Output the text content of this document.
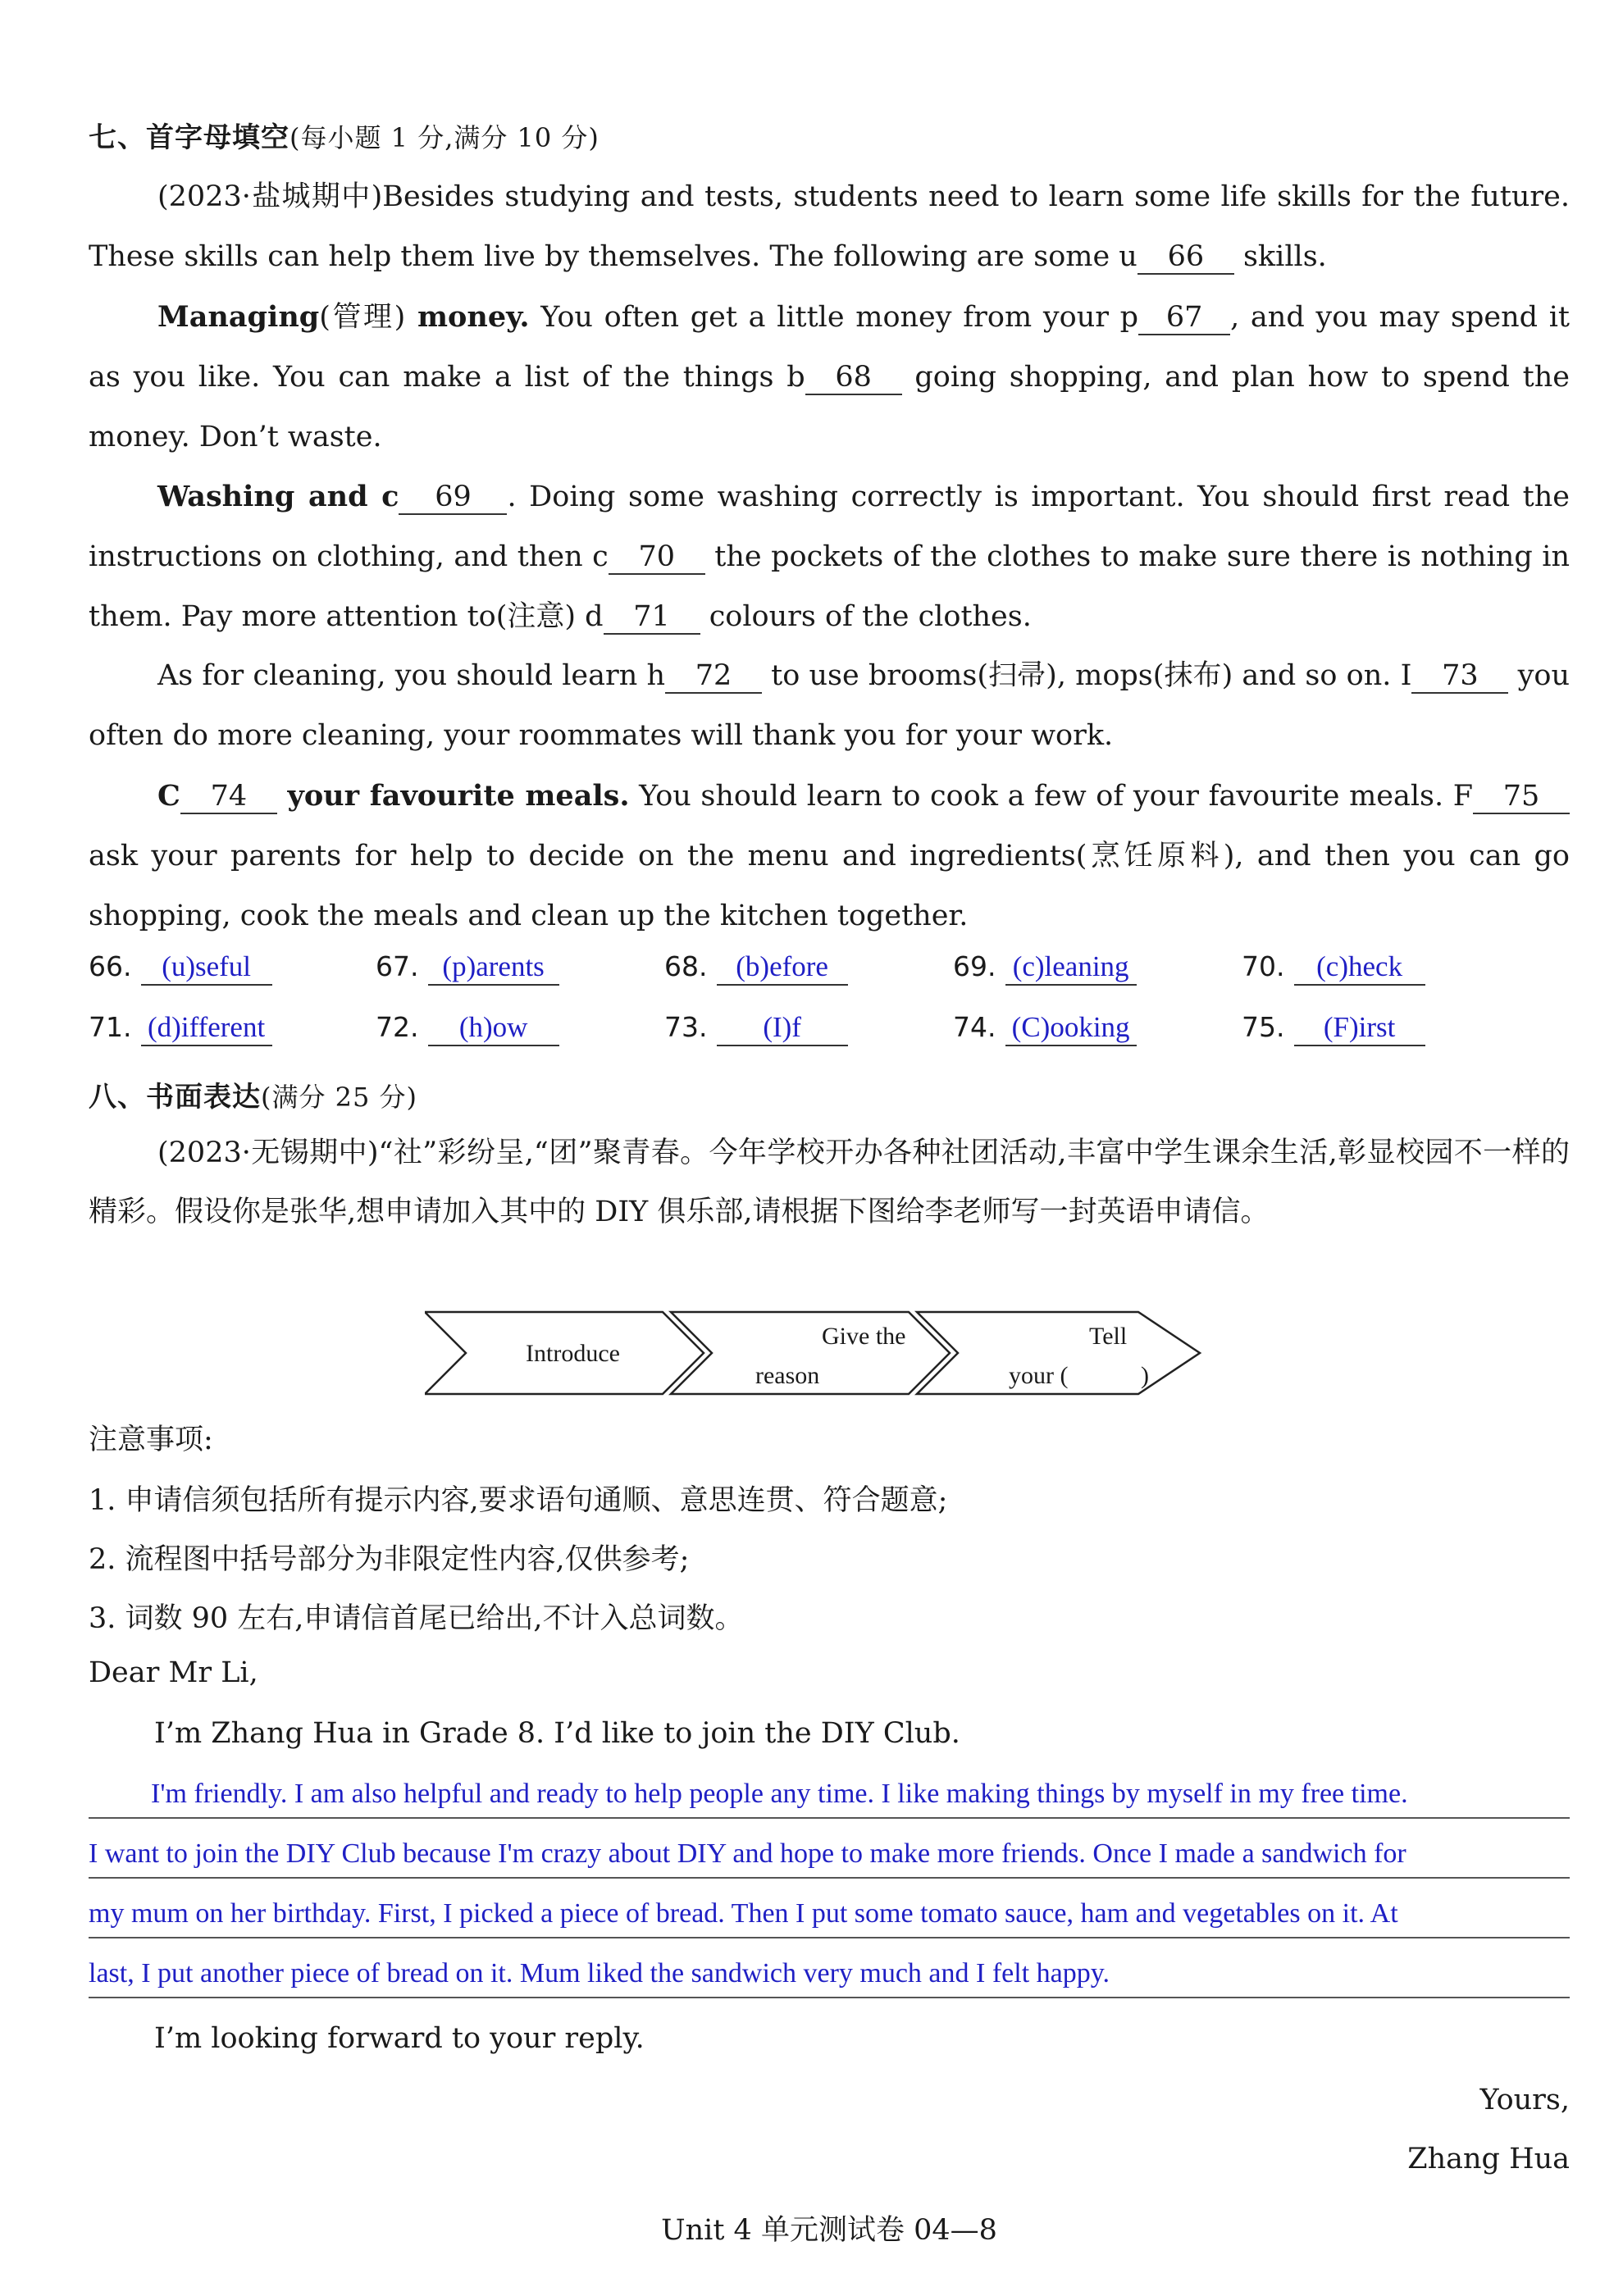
七、首字母填空(每小题 1 分,满分 10 分)
(2023·盐城期中)Besides studying and tests, students need to learn some life skills for the future. These skills can help them live by themselves. The following are some u 66 skills.
Managing(管理) money. You often get a little money from your p 67 , and you may spend it as you like. You can make a list of the things b 68 going shopping, and plan how to spend the money. Don’t waste.
Washing and c 69 . Doing some washing correctly is important. You should first read the instructions on clothing, and then c 70 the pockets of the clothes to make sure there is nothing in them. Pay more attention to(注意) d 71 colours of the clothes.
As for cleaning, you should learn h 72 to use brooms(扫帚), mops(抹布) and so on. I 73 you often do more cleaning, your roommates will thank you for your work.
C 74 your favourite meals. You should learn to cook a few of your favourite meals. F 75 ask your parents for help to decide on the menu and ingredients(烹饪原料), and then you can go shopping, cook the meals and clean up the kitchen together.
66. (u)seful	67. (p)arents	68. (b)efore	69. (c)leaning	70. (c)heck
71. (d)ifferent	72. (h)ow	73. (I)f	74. (C)ooking	75. (F)irst
八、书面表达(满分 25 分)
(2023·无锡期中)“社”彩纷呈,“团”聚青春。今年学校开办各种社团活动,丰富中学生课余生活,彰显校园不一样的精彩。假设你是张华,想申请加入其中的 DIY 俱乐部,请根据下图给李老师写一封英语申请信。
Introduce
Give the
reason
Tell
your (	)
注意事项:
1. 申请信须包括所有提示内容,要求语句通顺、意思连贯、符合题意;
2. 流程图中括号部分为非限定性内容,仅供参考;
3. 词数 90 左右,申请信首尾已给出,不计入总词数。
Dear Mr Li,
I’m Zhang Hua in Grade 8. I’d like to join the DIY Club.
I'm friendly. I am also helpful and ready to help people any time. I like making things by myself in my free time.
I want to join the DIY Club because I'm crazy about DIY and hope to make more friends. Once I made a sandwich for
my mum on her birthday. First, I picked a piece of bread. Then I put some tomato sauce, ham and vegetables on it. At
last, I put another piece of bread on it. Mum liked the sandwich very much and I felt happy.
I’m looking forward to your reply.
Yours,
Zhang Hua
Unit 4 单元测试卷 04—8
